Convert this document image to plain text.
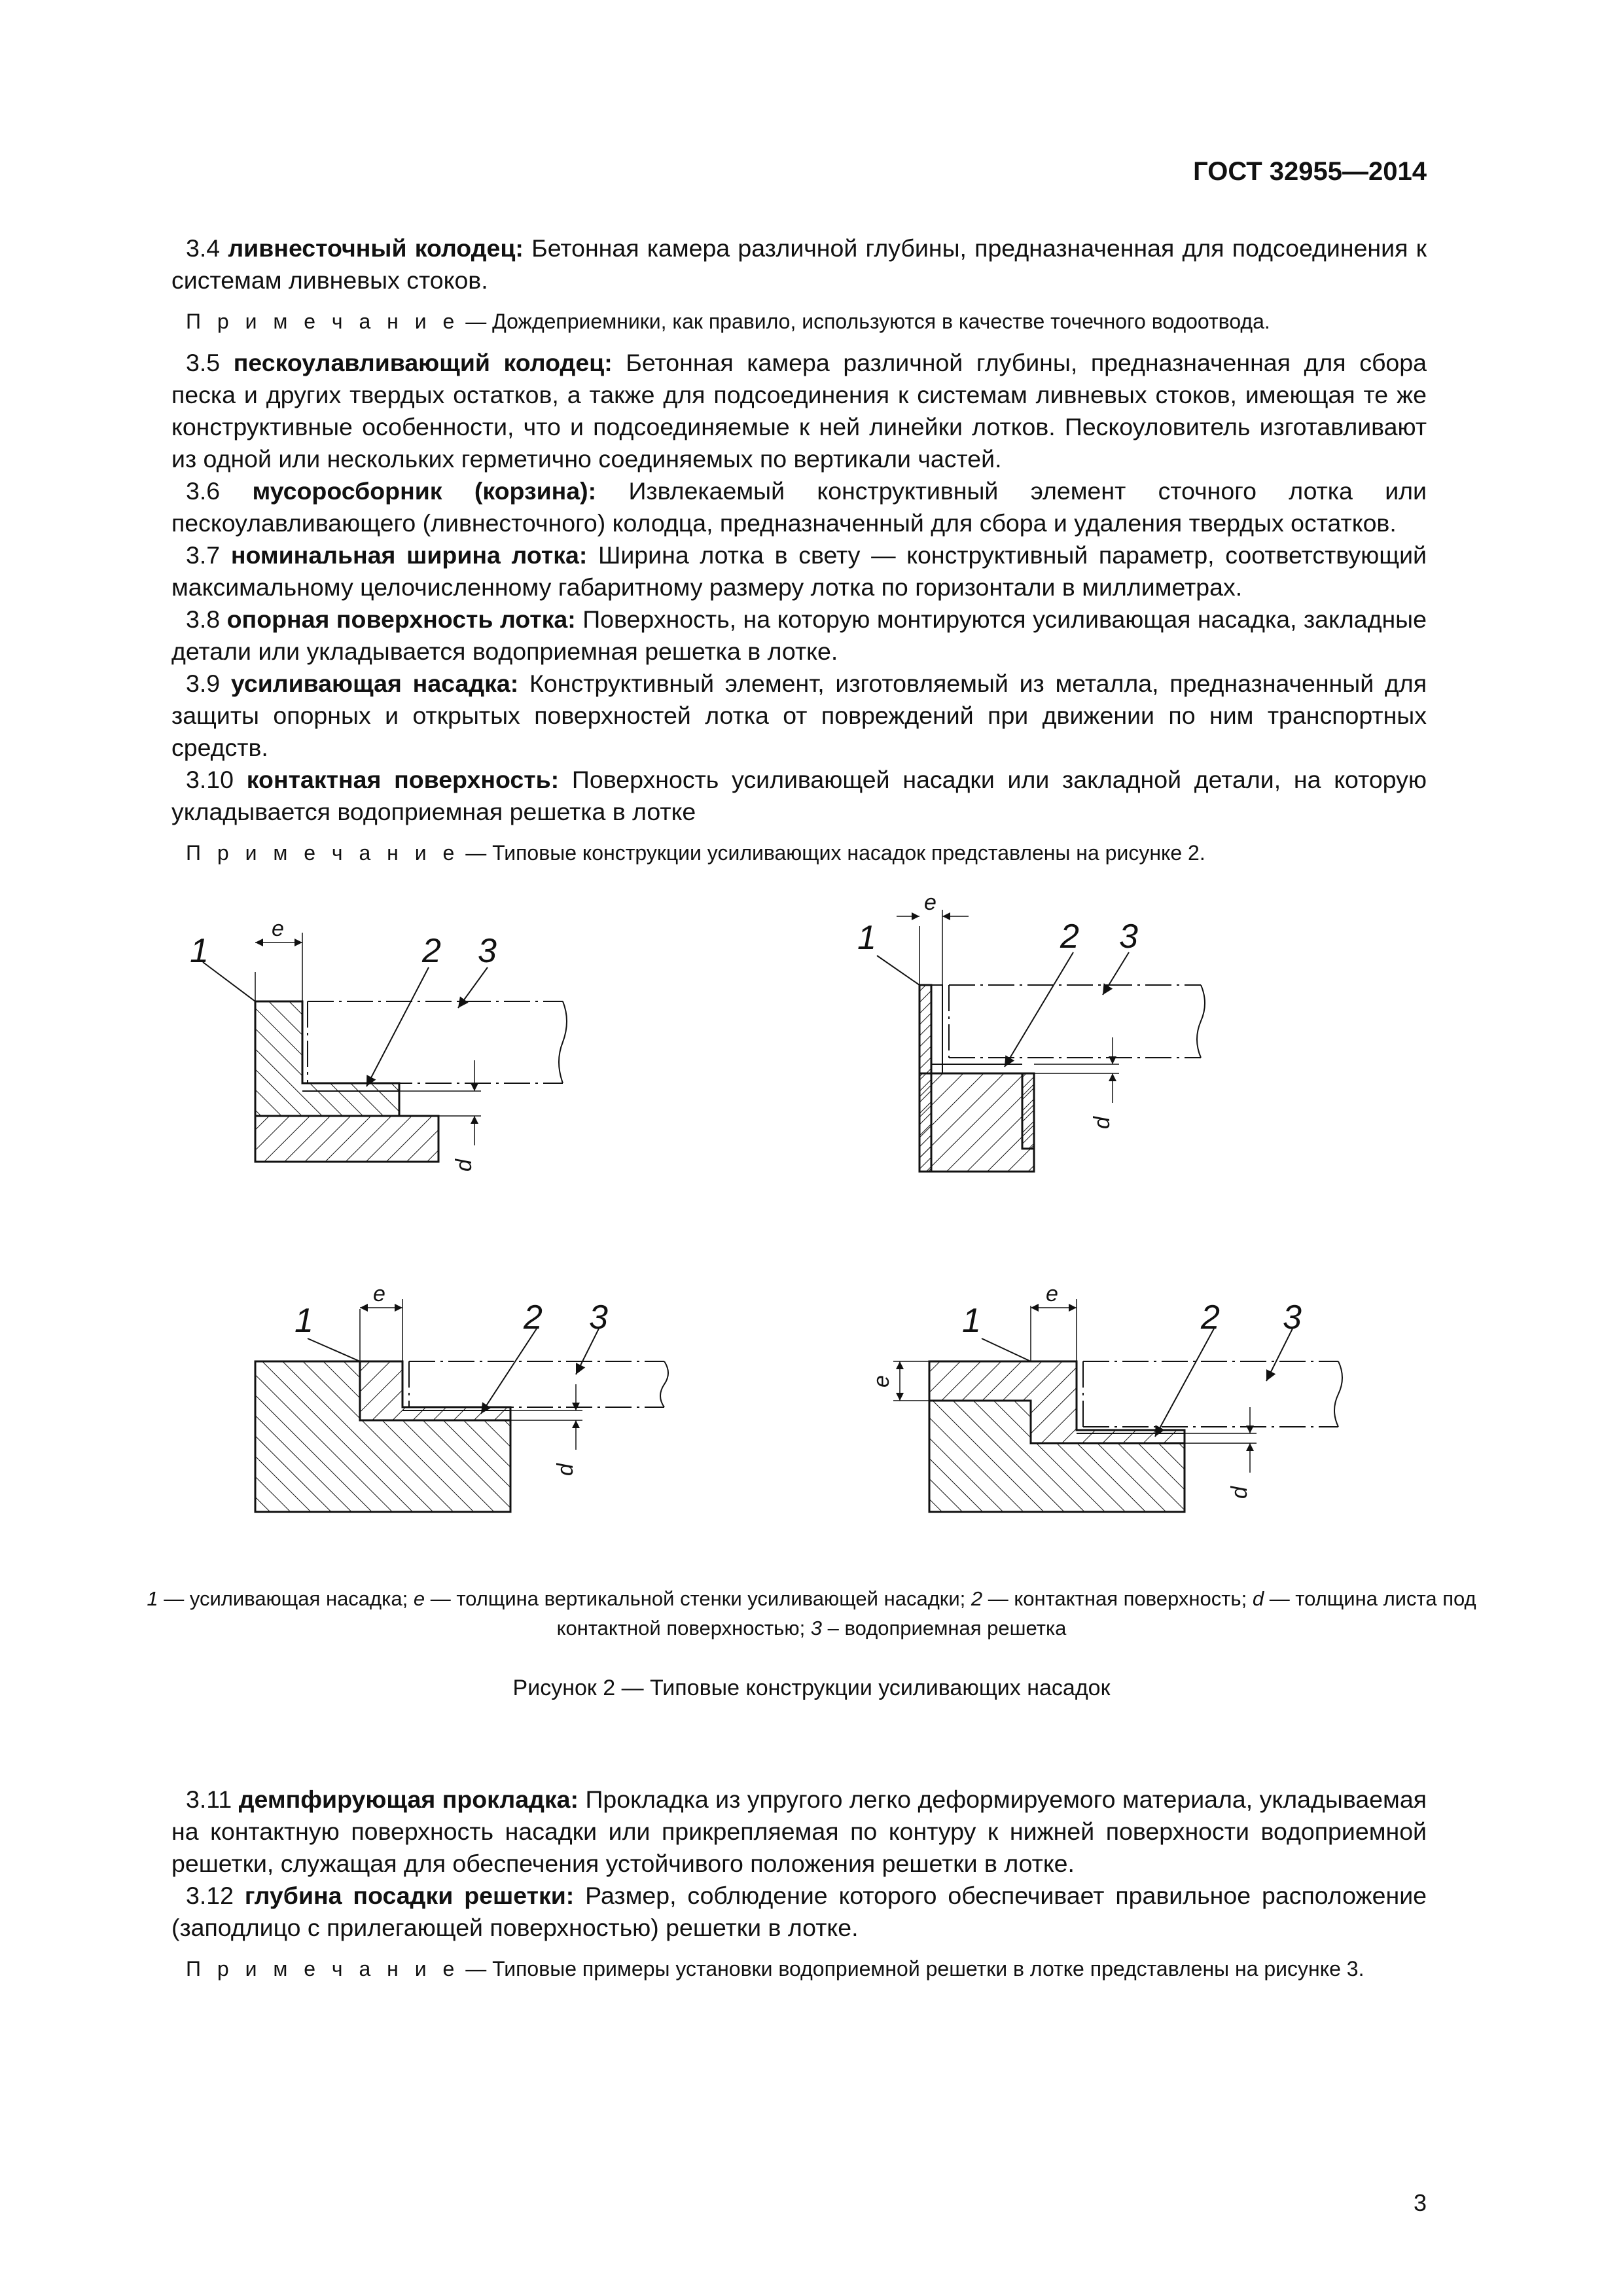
ГОСТ 32955—2014

3.4 ливнесточный колодец: Бетонная камера различной глубины, предназначенная для подсоединения к системам ливневых стоков.

П р и м е ч а н и е — Дождеприемники, как правило, используются в качестве точечного водоотвода.

3.5 пескоулавливающий колодец: Бетонная камера различной глубины, предназначенная для сбора песка и других твердых остатков, а также для подсоединения к системам ливневых стоков, имеющая те же конструктивные особенности, что и подсоединяемые к ней линейки лотков. Пескоуловитель изготавливают из одной или нескольких герметично соединяемых по вертикали частей.

3.6 мусоросборник (корзина): Извлекаемый конструктивный элемент сточного лотка или пескоулавливающего (ливнесточного) колодца, предназначенный для сбора и удаления твердых остатков.

3.7 номинальная ширина лотка: Ширина лотка в свету — конструктивный параметр, соответствующий максимальному целочисленному габаритному размеру лотка по горизонтали в миллиметрах.

3.8 опорная поверхность лотка: Поверхность, на которую монтируются усиливающая насадка, закладные детали или укладывается водоприемная решетка в лотке.

3.9 усиливающая насадка: Конструктивный элемент, изготовляемый из металла, предназначенный для защиты опорных и открытых поверхностей лотка от повреждений при движении по ним транспортных средств.

3.10 контактная поверхность: Поверхность усиливающей насадки или закладной детали, на которую укладывается водоприемная решетка в лотке

П р и м е ч а н и е — Типовые конструкции усиливающих насадок представлены на рисунке 2.

1	2 3	1	2 3
1	2 3	1	2 3
e
e
e	e
e
d
d
d
d
1 — усиливающая насадка; e — толщина вертикальной стенки усиливающей насадки; 2 — контактная поверхность; d — толщина листа под контактной поверхностью; 3 – водоприемная решетка
Рисунок 2 — Типовые конструкции усиливающих насадок

3.11 демпфирующая прокладка: Прокладка из упругого легко деформируемого материала, укладываемая на контактную поверхность насадки или прикрепляемая по контуру к нижней поверхности водоприемной решетки, служащая для обеспечения устойчивого положения решетки в лотке.

3.12 глубина посадки решетки: Размер, соблюдение которого обеспечивает правильное расположение (заподлицо с прилегающей поверхностью) решетки в лотке.

П р и м е ч а н и е — Типовые примеры установки водоприемной решетки в лотке представлены на рисунке 3.

3
